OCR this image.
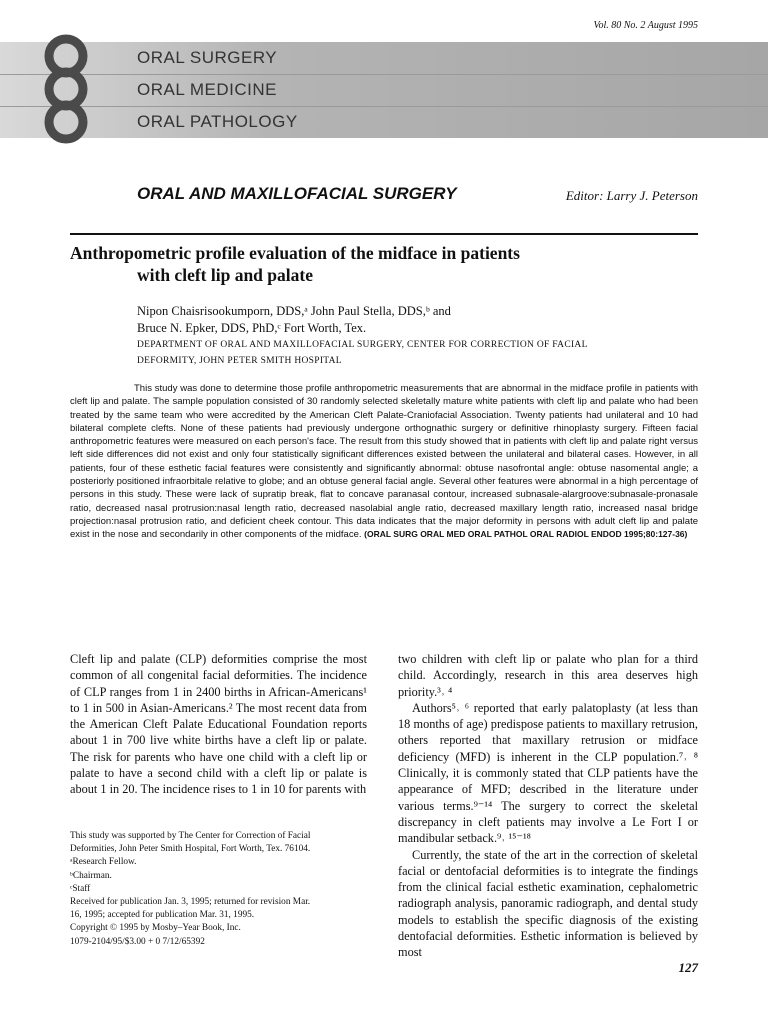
Vol. 80 No. 2 August 1995
ORAL SURGERY
ORAL MEDICINE
ORAL PATHOLOGY
ORAL AND MAXILLOFACIAL SURGERY	Editor: Larry J. Peterson
Anthropometric profile evaluation of the midface in patients
with cleft lip and palate
Nipon Chaisrisookumporn, DDS,ᵃ John Paul Stella, DDS,ᵇ and
Bruce N. Epker, DDS, PhD,ᶜ Fort Worth, Tex.
DEPARTMENT OF ORAL AND MAXILLOFACIAL SURGERY, CENTER FOR CORRECTION OF FACIAL
DEFORMITY, JOHN PETER SMITH HOSPITAL

This study was done to determine those profile anthropometric measurements that are abnormal in the midface profile in patients with cleft lip and palate. The sample population consisted of 30 randomly selected skeletally mature white patients with cleft lip and palate who had been treated by the same team who were accredited by the American Cleft Palate-Craniofacial Association. Twenty patients had unilateral and 10 had bilateral complete clefts. None of these patients had previously undergone orthognathic surgery or definitive rhinoplasty surgery. Fifteen facial anthropometric features were measured on each person's face. The result from this study showed that in patients with cleft lip and palate right versus left side differences did not exist and only four statistically significant differences existed between the unilateral and bilateral cases. However, in all patients, four of these esthetic facial features were consistently and significantly abnormal: obtuse nasofrontal angle: obtuse nasomental angle; a posteriorly positioned infraorbitale relative to globe; and an obtuse general facial angle. Several other features were abnormal in a high percentage of persons in this study. These were lack of supratip break, flat to concave paranasal contour, increased subnasale-alargroove:subnasale-pronasale ratio, decreased nasal protrusion:nasal length ratio, decreased nasolabial angle ratio, decreased maxillary length ratio, increased nasal bridge projection:nasal protrusion ratio, and deficient cheek contour. This data indicates that the major deformity in persons with adult cleft lip and palate exist in the nose and secondarily in other components of the midface. (ORAL SURG ORAL MED ORAL PATHOL ORAL RADIOL ENDOD 1995;80:127-36)

Cleft lip and palate (CLP) deformities comprise the most common of all congenital facial deformities. The incidence of CLP ranges from 1 in 2400 births in African-Americans¹ to 1 in 500 in Asian-Americans.² The most recent data from the American Cleft Palate Educational Foundation reports about 1 in 700 live white births have a cleft lip or palate. The risk for parents who have one child with a cleft lip or palate to have a second child with a cleft lip or palate is about 1 in 20. The incidence rises to 1 in 10 for parents with

This study was supported by The Center for Correction of Facial
Deformities, John Peter Smith Hospital, Fort Worth, Tex. 76104.
ᵃResearch Fellow.
ᵇChairman.
ᶜStaff
Received for publication Jan. 3, 1995; returned for revision Mar.
16, 1995; accepted for publication Mar. 31, 1995.
Copyright © 1995 by Mosby–Year Book, Inc.
1079-2104/95/$3.00 + 0 7/12/65392

two children with cleft lip or palate who plan for a third child. Accordingly, research in this area deserves high priority.³˒ ⁴

Authors⁵˒ ⁶ reported that early palatoplasty (at less than 18 months of age) predispose patients to maxillary retrusion, others reported that maxillary retrusion or midface deficiency (MFD) is inherent in the CLP population.⁷˒ ⁸ Clinically, it is commonly stated that CLP patients have the appearance of MFD; described in the literature under various terms.⁹⁻¹⁴ The surgery to correct the skeletal discrepancy in cleft patients may involve a Le Fort I or mandibular setback.⁹˒ ¹⁵⁻¹⁸

Currently, the state of the art in the correction of skeletal facial or dentofacial deformities is to integrate the findings from the clinical facial esthetic examination, cephalometric radiograph analysis, panoramic radiograph, and dental study models to establish the specific diagnosis of the existing dentofacial deformities. Esthetic information is believed by most

127
